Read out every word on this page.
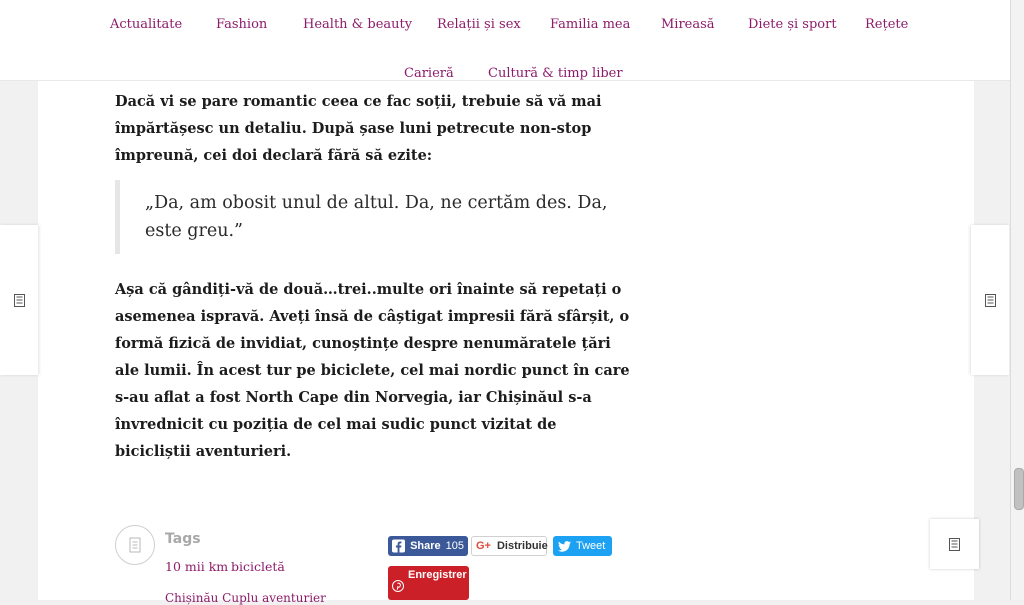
Actualitate	Fashion	Health & beauty Relații și sex Familia mea Mireasă	Diete și sport Rețete
Carieră	Cultură & timp liber

Dacă vi se pare romantic ceea ce fac soții, trebuie să vă mai împărtășesc un detaliu. După șase luni petrecute non-stop împreună, cei doi declară fără să ezite:

„Da, am obosit unul de altul. Da, ne certăm des. Da, este greu.”

Așa că gândiți-vă de două…trei..multe ori înainte să repetați o asemenea ispravă. Aveți însă de câștigat impresii fără sfârșit, o formă fizică de invidiat, cunoștințe despre nenumăratele țări ale lumii. În acest tur pe biciclete, cel mai nordic punct în care s-au aflat a fost North Cape din Norvegia, iar Chișinăul s-a învrednicit cu poziția de cel mai sudic punct vizitat de bicicliștii aventurieri.

Tags
10 mii km bicicletă
Chișinău Cuplu aventurier
Share 105 G+ Distribuie	Tweet
Enregistrer
